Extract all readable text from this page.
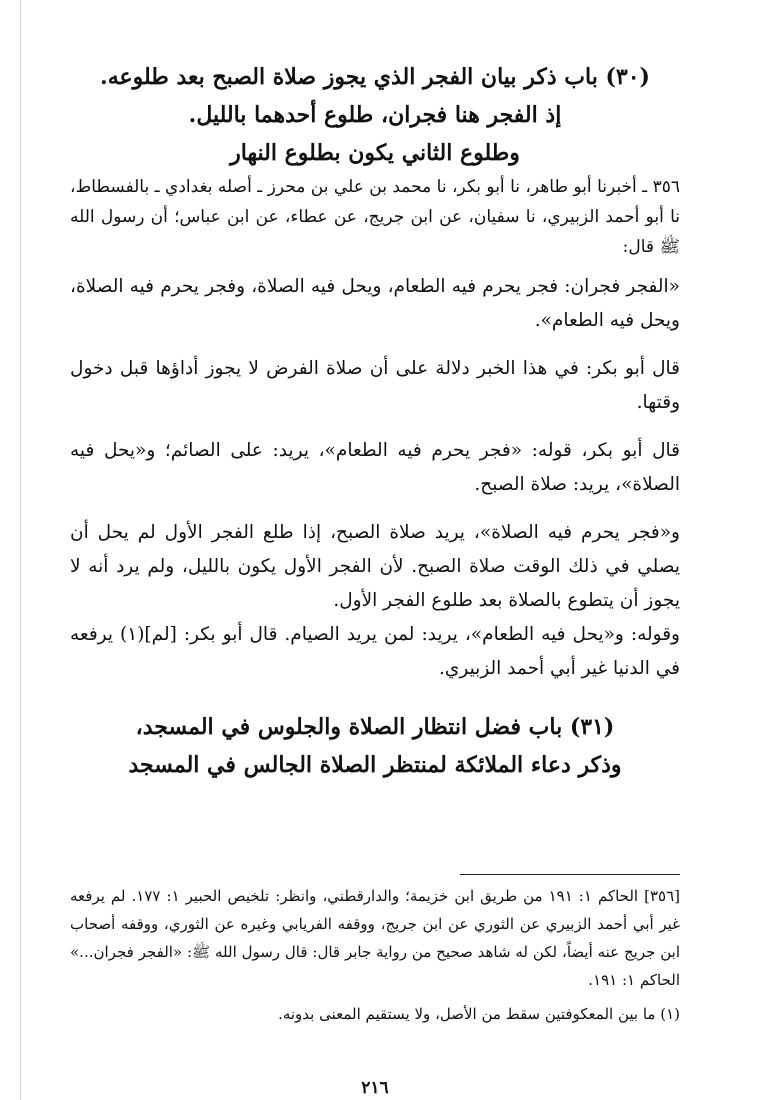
(٣٠) باب ذكر بيان الفجر الذي يجوز صلاة الصبح بعد طلوعه.

إذ الفجر هنا فجران، طلوع أحدهما بالليل.

وطلوع الثاني يكون بطلوع النهار

٣٥٦ ـ أخبرنا أبو طاهر، نا أبو بكر، نا محمد بن علي بن محرز ـ أصله بغدادي ـ بالفسطاط، نا أبو أحمد الزبيري، نا سفيان، عن ابن جريج، عن عطاء، عن ابن عباس؛ أن رسول الله ﷺ قال:

«الفجر فجران: فجر يحرم فيه الطعام، ويحل فيه الصلاة، وفجر يحرم فيه الصلاة، ويحل فيه الطعام».

قال أبو بكر: في هذا الخبر دلالة على أن صلاة الفرض لا يجوز أداؤها قبل دخول وقتها.

قال أبو بكر، قوله: «فجر يحرم فيه الطعام»، يريد: على الصائم؛ و«يحل فيه الصلاة»، يريد: صلاة الصبح.

و«فجر يحرم فيه الصلاة»، يريد صلاة الصبح، إذا طلع الفجر الأول لم يحل أن يصلي في ذلك الوقت صلاة الصبح. لأن الفجر الأول يكون بالليل، ولم يرد أنه لا يجوز أن يتطوع بالصلاة بعد طلوع الفجر الأول.

وقوله: و«يحل فيه الطعام»، يريد: لمن يريد الصيام. قال أبو بكر: [لم](١) يرفعه في الدنيا غير أبي أحمد الزبيري.

(٣١) باب فضل انتظار الصلاة والجلوس في المسجد،

وذكر دعاء الملائكة لمنتظر الصلاة الجالس في المسجد

[٣٥٦] الحاكم ١: ١٩١ من طريق ابن خزيمة؛ والدارقطني، وانظر: تلخيص الحبير ١: ١٧٧. لم يرفعه غير أبي أحمد الزبيري عن الثوري عن ابن جريج، ووقفه الفريابي وغيره عن الثوري، ووقفه أصحاب ابن جريج عنه أيضاً، لكن له شاهد صحيح من رواية جابر قال: قال رسول الله ﷺ: «الفجر فجران...» الحاكم ١: ١٩١.

(١) ما بين المعكوفتين سقط من الأصل، ولا يستقيم المعنى بدونه.

٢١٦
